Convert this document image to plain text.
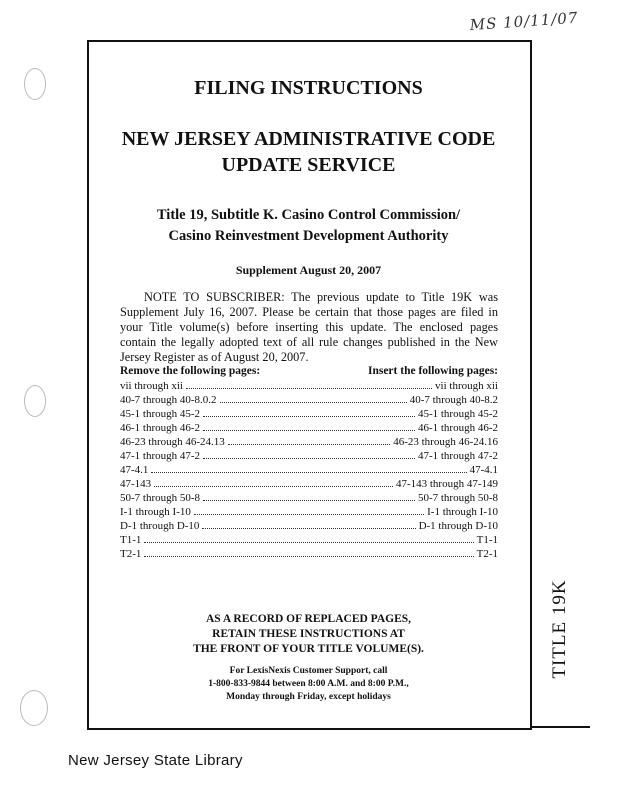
MS 10/11/07
TITLE 19K
FILING INSTRUCTIONS
NEW JERSEY ADMINISTRATIVE CODE
UPDATE SERVICE
Title 19, Subtitle K. Casino Control Commission/
Casino Reinvestment Development Authority
Supplement August 20, 2007
NOTE TO SUBSCRIBER: The previous update to Title 19K was Supplement July 16, 2007. Please be certain that those pages are filed in your Title volume(s) before inserting this update. The enclosed pages contain the legally adopted text of all rule changes published in the New Jersey Register as of August 20, 2007.
Remove the following pages:	Insert the following pages:
vii through xii	vii through xii
40-7 through 40-8.0.2	40-7 through 40-8.2
45-1 through 45-2	45-1 through 45-2
46-1 through 46-2	46-1 through 46-2
46-23 through 46-24.13	46-23 through 46-24.16
47-1 through 47-2	47-1 through 47-2
47-4.1	47-4.1
47-143	47-143 through 47-149
50-7 through 50-8	50-7 through 50-8
I-1 through I-10	I-1 through I-10
D-1 through D-10	D-1 through D-10
T1-1	T1-1
T2-1	T2-1
AS A RECORD OF REPLACED PAGES,
RETAIN THESE INSTRUCTIONS AT
THE FRONT OF YOUR TITLE VOLUME(S).
For LexisNexis Customer Support, call
1-800-833-9844 between 8:00 A.M. and 8:00 P.M.,
Monday through Friday, except holidays
New Jersey State Library
